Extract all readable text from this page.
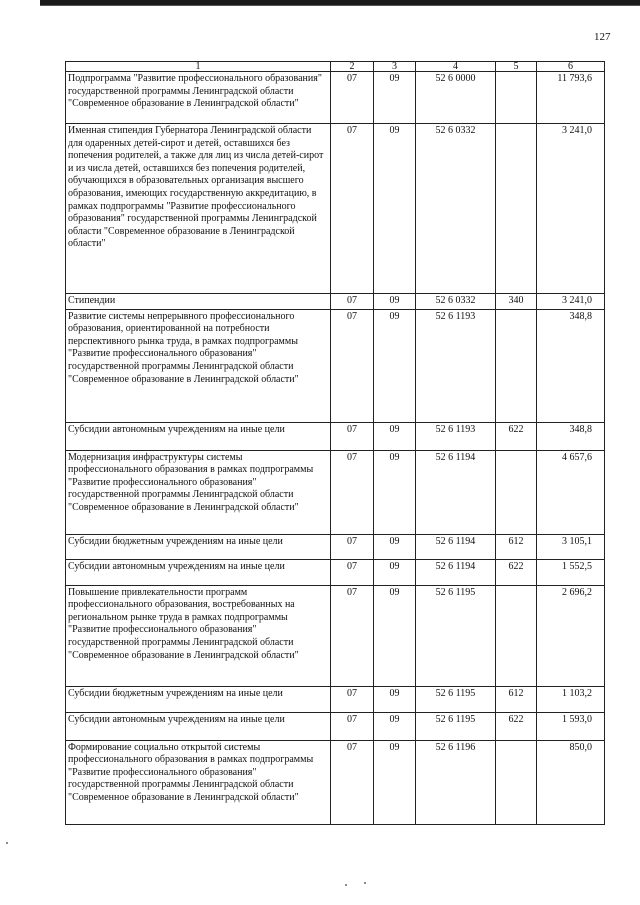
127
1	2	3	4	5	6
Подпрограмма "Развитие профессионального образования" государственной программы Ленинградской области "Современное образование в Ленинградской области"	07	09	52 6 0000		11 793,6
Именная стипендия Губернатора Ленинградской области для одаренных детей-сирот и детей, оставшихся без попечения родителей, а также для лиц из числа детей-сирот и из числа детей, оставшихся без попечения родителей, обучающихся в образовательных организация высшего образования, имеющих государственную аккредитацию, в рамках подпрограммы "Развитие профессионального образования" государственной программы Ленинградской области "Современное образование в Ленинградской области"	07	09	52 6 0332		3 241,0
Стипендии	07	09	52 6 0332	340	3 241,0
Развитие системы непрерывного профессионального образования, ориентированной на потребности перспективного рынка труда, в рамках подпрограммы "Развитие профессионального образования" государственной программы Ленинградской области "Современное образование в Ленинградской области"	07	09	52 6 1193		348,8
Субсидии автономным учреждениям на иные цели	07	09	52 6 1193	622	348,8
Модернизация инфраструктуры системы профессионального образования в рамках подпрограммы "Развитие профессионального образования" государственной программы Ленинградской области "Современное образование в Ленинградской области"	07	09	52 6 1194		4 657,6
Субсидии бюджетным учреждениям на иные цели	07	09	52 6 1194	612	3 105,1
Субсидии автономным учреждениям на иные цели	07	09	52 6 1194	622	1 552,5
Повышение привлекательности программ профессионального образования, востребованных на региональном рынке труда в рамках подпрограммы "Развитие профессионального образования" государственной программы Ленинградской области "Современное образование в Ленинградской области"	07	09	52 6 1195		2 696,2
Субсидии бюджетным учреждениям на иные цели	07	09	52 6 1195	612	1 103,2
Субсидии автономным учреждениям на иные цели	07	09	52 6 1195	622	1 593,0
Формирование социально открытой системы профессионального образования в рамках подпрограммы "Развитие профессионального образования" государственной программы Ленинградской области "Современное образование в Ленинградской области"	07	09	52 6 1196		850,0
